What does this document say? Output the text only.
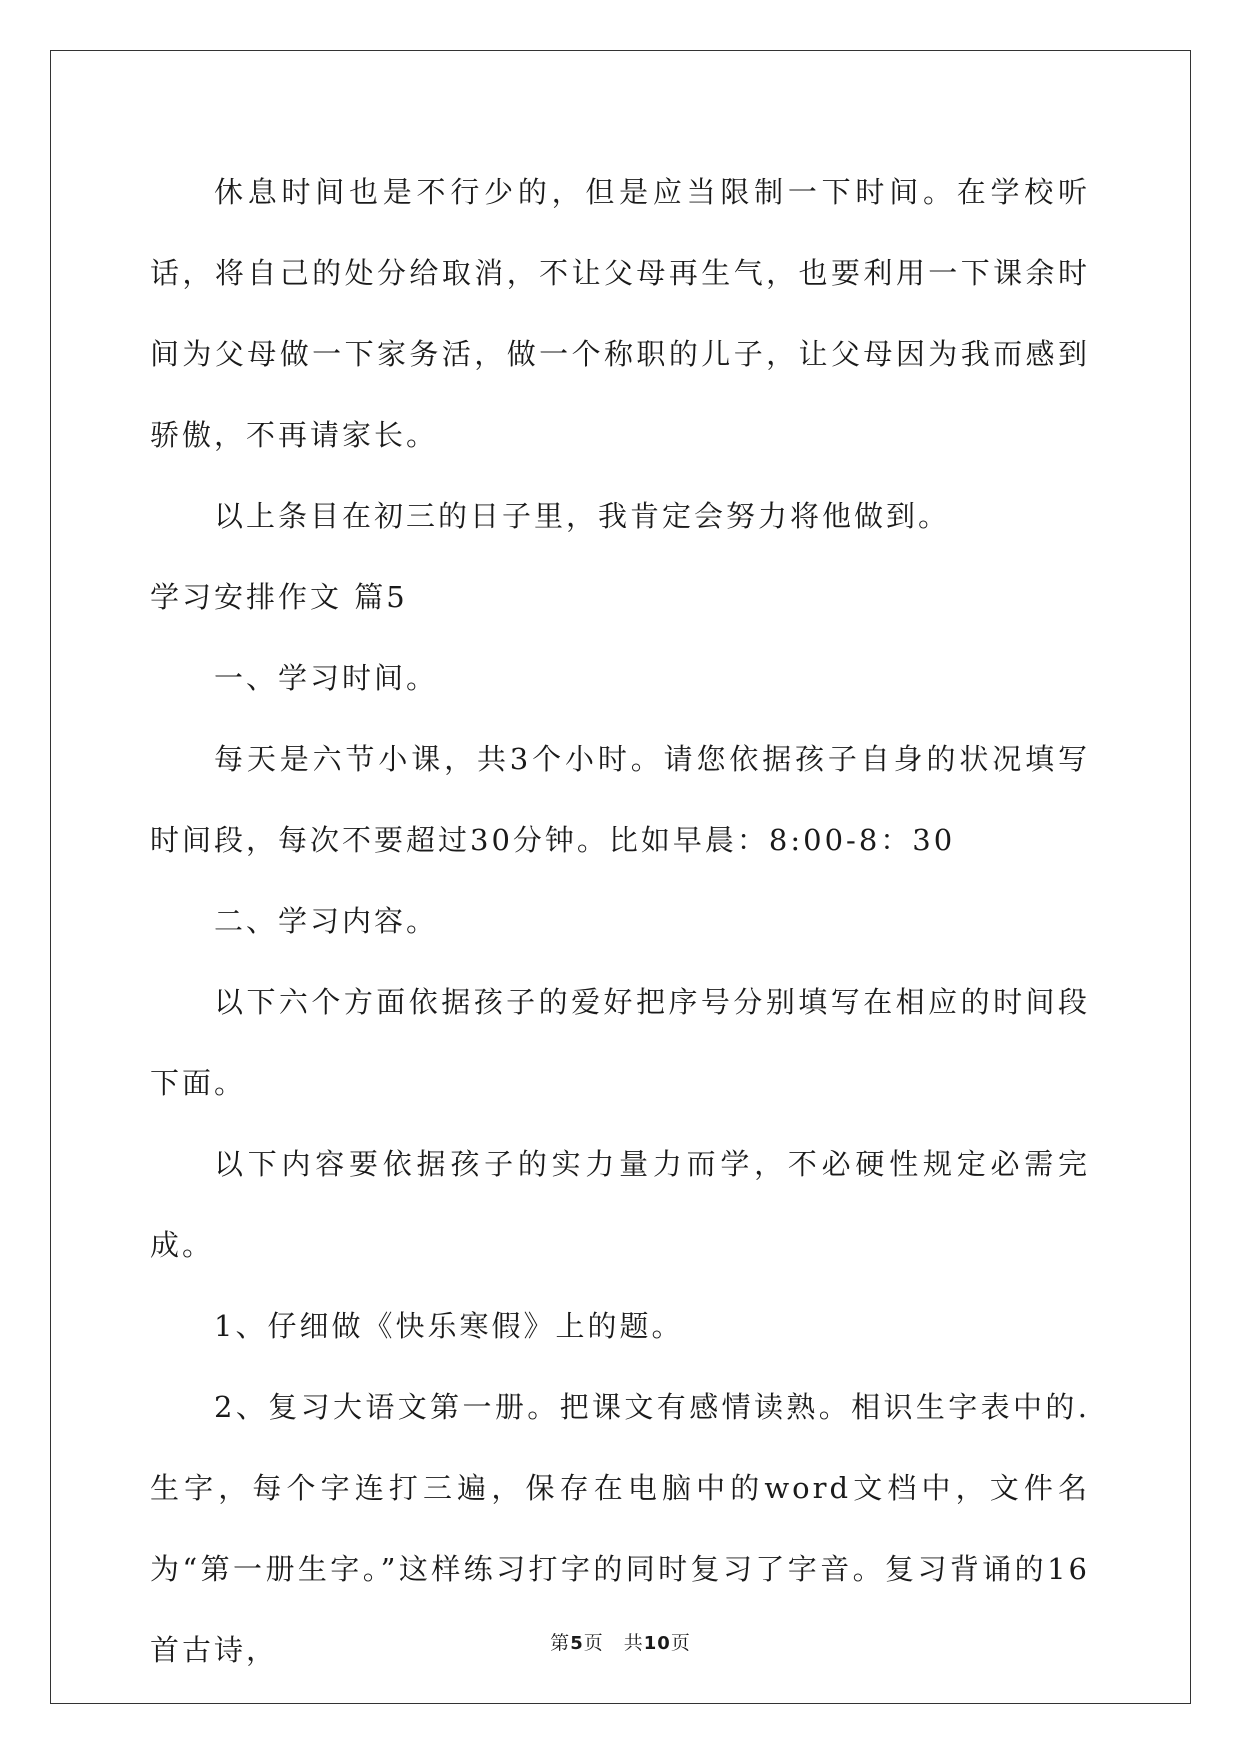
休息时间也是不行少的，但是应当限制一下时间。在学校听话，将自己的处分给取消，不让父母再生气，也要利用一下课余时间为父母做一下家务活，做一个称职的儿子，让父母因为我而感到骄傲，不再请家长。

以上条目在初三的日子里，我肯定会努力将他做到。

学习安排作文 篇5

一、学习时间。

每天是六节小课，共3个小时。请您依据孩子自身的状况填写时间段，每次不要超过30分钟。比如早晨：8:00-8：30

二、学习内容。

以下六个方面依据孩子的爱好把序号分别填写在相应的时间段下面。

以下内容要依据孩子的实力量力而学，不必硬性规定必需完成。

1、仔细做《快乐寒假》上的题。

2、复习大语文第一册。把课文有感情读熟。相识生字表中的.生字，每个字连打三遍，保存在电脑中的word文档中，文件名为“第一册生字。”这样练习打字的同时复习了字音。复习背诵的16首古诗，	第5页 共10页
